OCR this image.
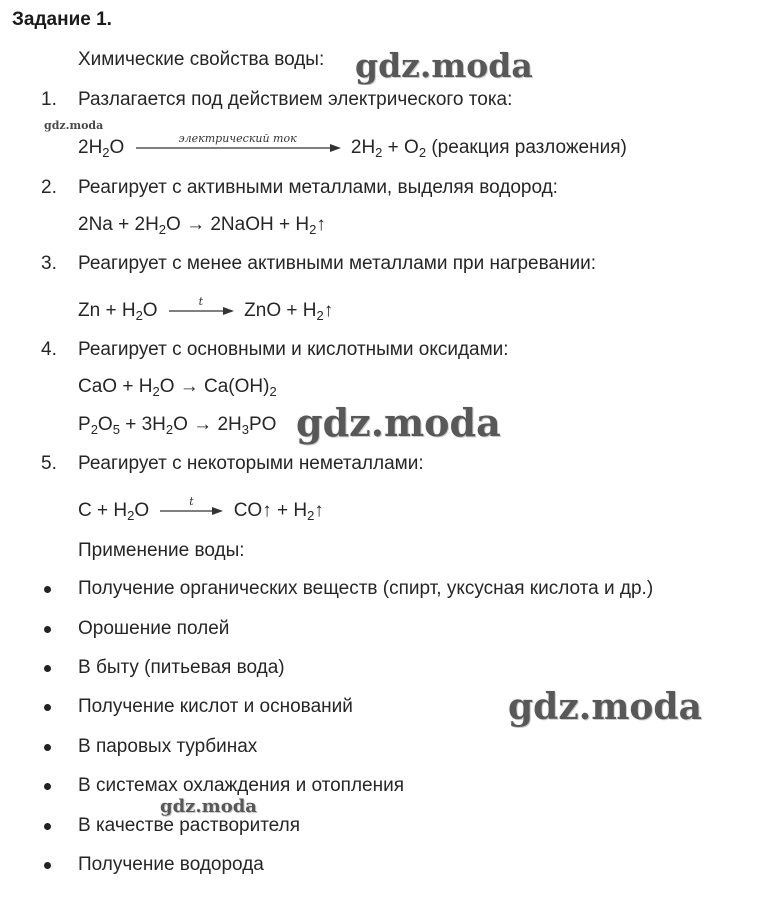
Задание 1.
Химические свойства воды:
1.	Разлагается под действием электрического тока:
$2H_2O$	электрический ток	$2H_2 + O_2$ (реакция разложения)
2.	Реагирует с активными металлами, выделяя водород:
$2Na + 2H_2O$ → 2NaOH + $H_2↑$
3.	Реагирует с менее активными металлами при нагревании:
$Zn + H_2O$	t	ZnO + $H_2↑$
4.	Реагирует с основными и кислотными оксидами:
CaO + $H_2O \to Ca(OH)_2$
$P_2O_5 + 3H_2O \to 2H_3PO$
5.	Реагирует с некоторыми неметаллами:
$C + H_2O$	t	CO↑ + $H_2↑$
Применение воды:
Получение органических веществ (спирт, уксусная кислота и др.)
Орошение полей
В быту (питьевая вода)
Получение кислот и оснований
В паровых турбинах
В системах охлаждения и отопления
В качестве растворителя
Получение водорода
gdz.moda
gdz.moda
gdz.moda
gdz.moda
gdz.moda
